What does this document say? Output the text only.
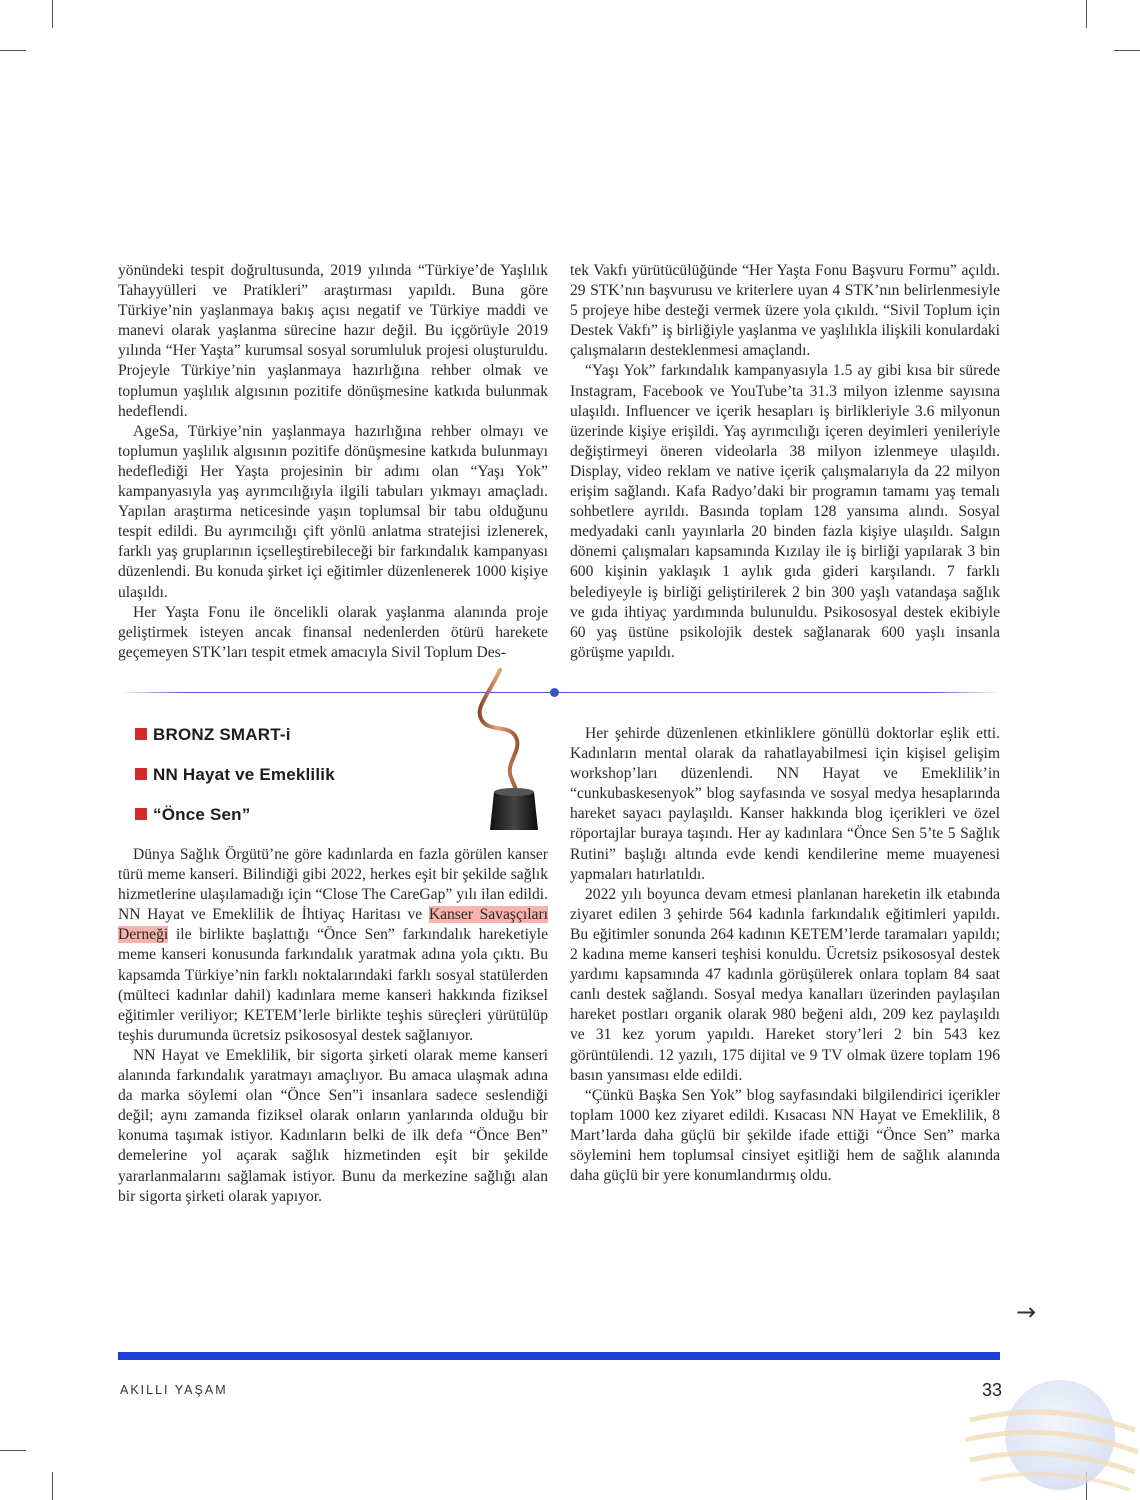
yönündeki tespit doğrultusunda, 2019 yılında “Türkiye’de Yaşlılık Tahayyülleri ve Pratikleri” araştırması yapıldı. Buna göre Türkiye’nin yaşlanmaya bakış açısı negatif ve Türkiye maddi ve manevi olarak yaşlanma sürecine hazır değil. Bu içgörüyle 2019 yılında “Her Yaşta” kurumsal sosyal sorumluluk projesi oluşturuldu. Projeyle Türkiye’nin yaşlanmaya hazırlığına rehber olmak ve toplumun yaşlılık algısının pozitife dönüşmesine katkıda bulunmak hedeflendi.

AgeSa, Türkiye’nin yaşlanmaya hazırlığına rehber olmayı ve toplumun yaşlılık algısının pozitife dönüşmesine katkıda bulunmayı hedeflediği Her Yaşta projesinin bir adımı olan “Yaşı Yok” kampanyasıyla yaş ayrımcılığıyla ilgili tabuları yıkmayı amaçladı. Yapılan araştırma neticesinde yaşın toplumsal bir tabu olduğunu tespit edildi. Bu ayrımcılığı çift yönlü anlatma stratejisi izlenerek, farklı yaş gruplarının içselleştirebileceği bir farkındalık kampanyası düzenlendi. Bu konuda şirket içi eğitimler düzenlenerek 1000 kişiye ulaşıldı.

Her Yaşta Fonu ile öncelikli olarak yaşlanma alanında proje geliştirmek isteyen ancak finansal nedenlerden ötürü harekete geçemeyen STK’ları tespit etmek amacıyla Sivil Toplum Des-

tek Vakfı yürütücülüğünde “Her Yaşta Fonu Başvuru Formu” açıldı. 29 STK’nın başvurusu ve kriterlere uyan 4 STK’nın belirlenmesiyle 5 projeye hibe desteği vermek üzere yola çıkıldı. “Sivil Toplum için Destek Vakfı” iş birliğiyle yaşlanma ve yaşlılıkla ilişkili konulardaki çalışmaların desteklenmesi amaçlandı.

“Yaşı Yok” farkındalık kampanyasıyla 1.5 ay gibi kısa bir sürede Instagram, Facebook ve YouTube’ta 31.3 milyon izlenme sayısına ulaşıldı. Influencer ve içerik hesapları iş birlikleriyle 3.6 milyonun üzerinde kişiye erişildi. Yaş ayrımcılığı içeren deyimleri yenileriyle değiştirmeyi öneren videolarla 38 milyon izlenmeye ulaşıldı. Display, video reklam ve native içerik çalışmalarıyla da 22 milyon erişim sağlandı. Kafa Radyo’daki bir programın tamamı yaş temalı sohbetlere ayrıldı. Basında toplam 128 yansıma alındı. Sosyal medyadaki canlı yayınlarla 20 binden fazla kişiye ulaşıldı. Salgın dönemi çalışmaları kapsamında Kızılay ile iş birliği yapılarak 3 bin 600 kişinin yaklaşık 1 aylık gıda gideri karşılandı. 7 farklı belediyeyle iş birliği geliştirilerek 2 bin 300 yaşlı vatandaşa sağlık ve gıda ihtiyaç yardımında bulunuldu. Psikososyal destek ekibiyle 60 yaş üstüne psikolojik destek sağlanarak 600 yaşlı insanla görüşme yapıldı.

BRONZ SMART-i
NN Hayat ve Emeklilik
“Önce Sen”

Dünya Sağlık Örgütü’ne göre kadınlarda en fazla görülen kanser türü meme kanseri. Bilindiği gibi 2022, herkes eşit bir şekilde sağlık hizmetlerine ulaşılamadığı için “Close The CareGap” yılı ilan edildi. NN Hayat ve Emeklilik de İhtiyaç Haritası ve Kanser Savaşçıları Derneği ile birlikte başlattığı “Önce Sen” farkındalık hareketiyle meme kanseri konusunda farkındalık yaratmak adına yola çıktı. Bu kapsamda Türkiye’nin farklı noktalarındaki farklı sosyal statülerden (mülteci kadınlar dahil) kadınlara meme kanseri hakkında fiziksel eğitimler veriliyor; KETEM’lerle birlikte teşhis süreçleri yürütülüp teşhis durumunda ücretsiz psikososyal destek sağlanıyor.

NN Hayat ve Emeklilik, bir sigorta şirketi olarak meme kanseri alanında farkındalık yaratmayı amaçlıyor. Bu amaca ulaşmak adına da marka söylemi olan “Önce Sen”i insanlara sadece seslendiği değil; aynı zamanda fiziksel olarak onların yanlarında olduğu bir konuma taşımak istiyor. Kadınların belki de ilk defa “Önce Ben” demelerine yol açarak sağlık hizmetinden eşit bir şekilde yararlanmalarını sağlamak istiyor. Bunu da merkezine sağlığı alan bir sigorta şirketi olarak yapıyor.

Her şehirde düzenlenen etkinliklere gönüllü doktorlar eşlik etti. Kadınların mental olarak da rahatlayabilmesi için kişisel gelişim workshop’ları düzenlendi. NN Hayat ve Emeklilik’in “cunkubaskesenyok” blog sayfasında ve sosyal medya hesaplarında hareket sayacı paylaşıldı. Kanser hakkında blog içerikleri ve özel röportajlar buraya taşındı. Her ay kadınlara “Önce Sen 5’te 5 Sağlık Rutini” başlığı altında evde kendi kendilerine meme muayenesi yapmaları hatırlatıldı.

2022 yılı boyunca devam etmesi planlanan hareketin ilk etabında ziyaret edilen 3 şehirde 564 kadınla farkındalık eğitimleri yapıldı. Bu eğitimler sonunda 264 kadının KETEM’lerde taramaları yapıldı; 2 kadına meme kanseri teşhisi konuldu. Ücretsiz psikososyal destek yardımı kapsamında 47 kadınla görüşülerek onlara toplam 84 saat canlı destek sağlandı. Sosyal medya kanalları üzerinden paylaşılan hareket postları organik olarak 980 beğeni aldı, 209 kez paylaşıldı ve 31 kez yorum yapıldı. Hareket story’leri 2 bin 543 kez görüntülendi. 12 yazılı, 175 dijital ve 9 TV olmak üzere toplam 196 basın yansıması elde edildi.

“Çünkü Başka Sen Yok” blog sayfasındaki bilgilendirici içerikler toplam 1000 kez ziyaret edildi. Kısacası NN Hayat ve Emeklilik, 8 Mart’larda daha güçlü bir şekilde ifade ettiği “Önce Sen” marka söylemini hem toplumsal cinsiyet eşitliği hem de sağlık alanında daha güçlü bir yere konumlandırmış oldu.

→
AKILLI YAŞAM	33
